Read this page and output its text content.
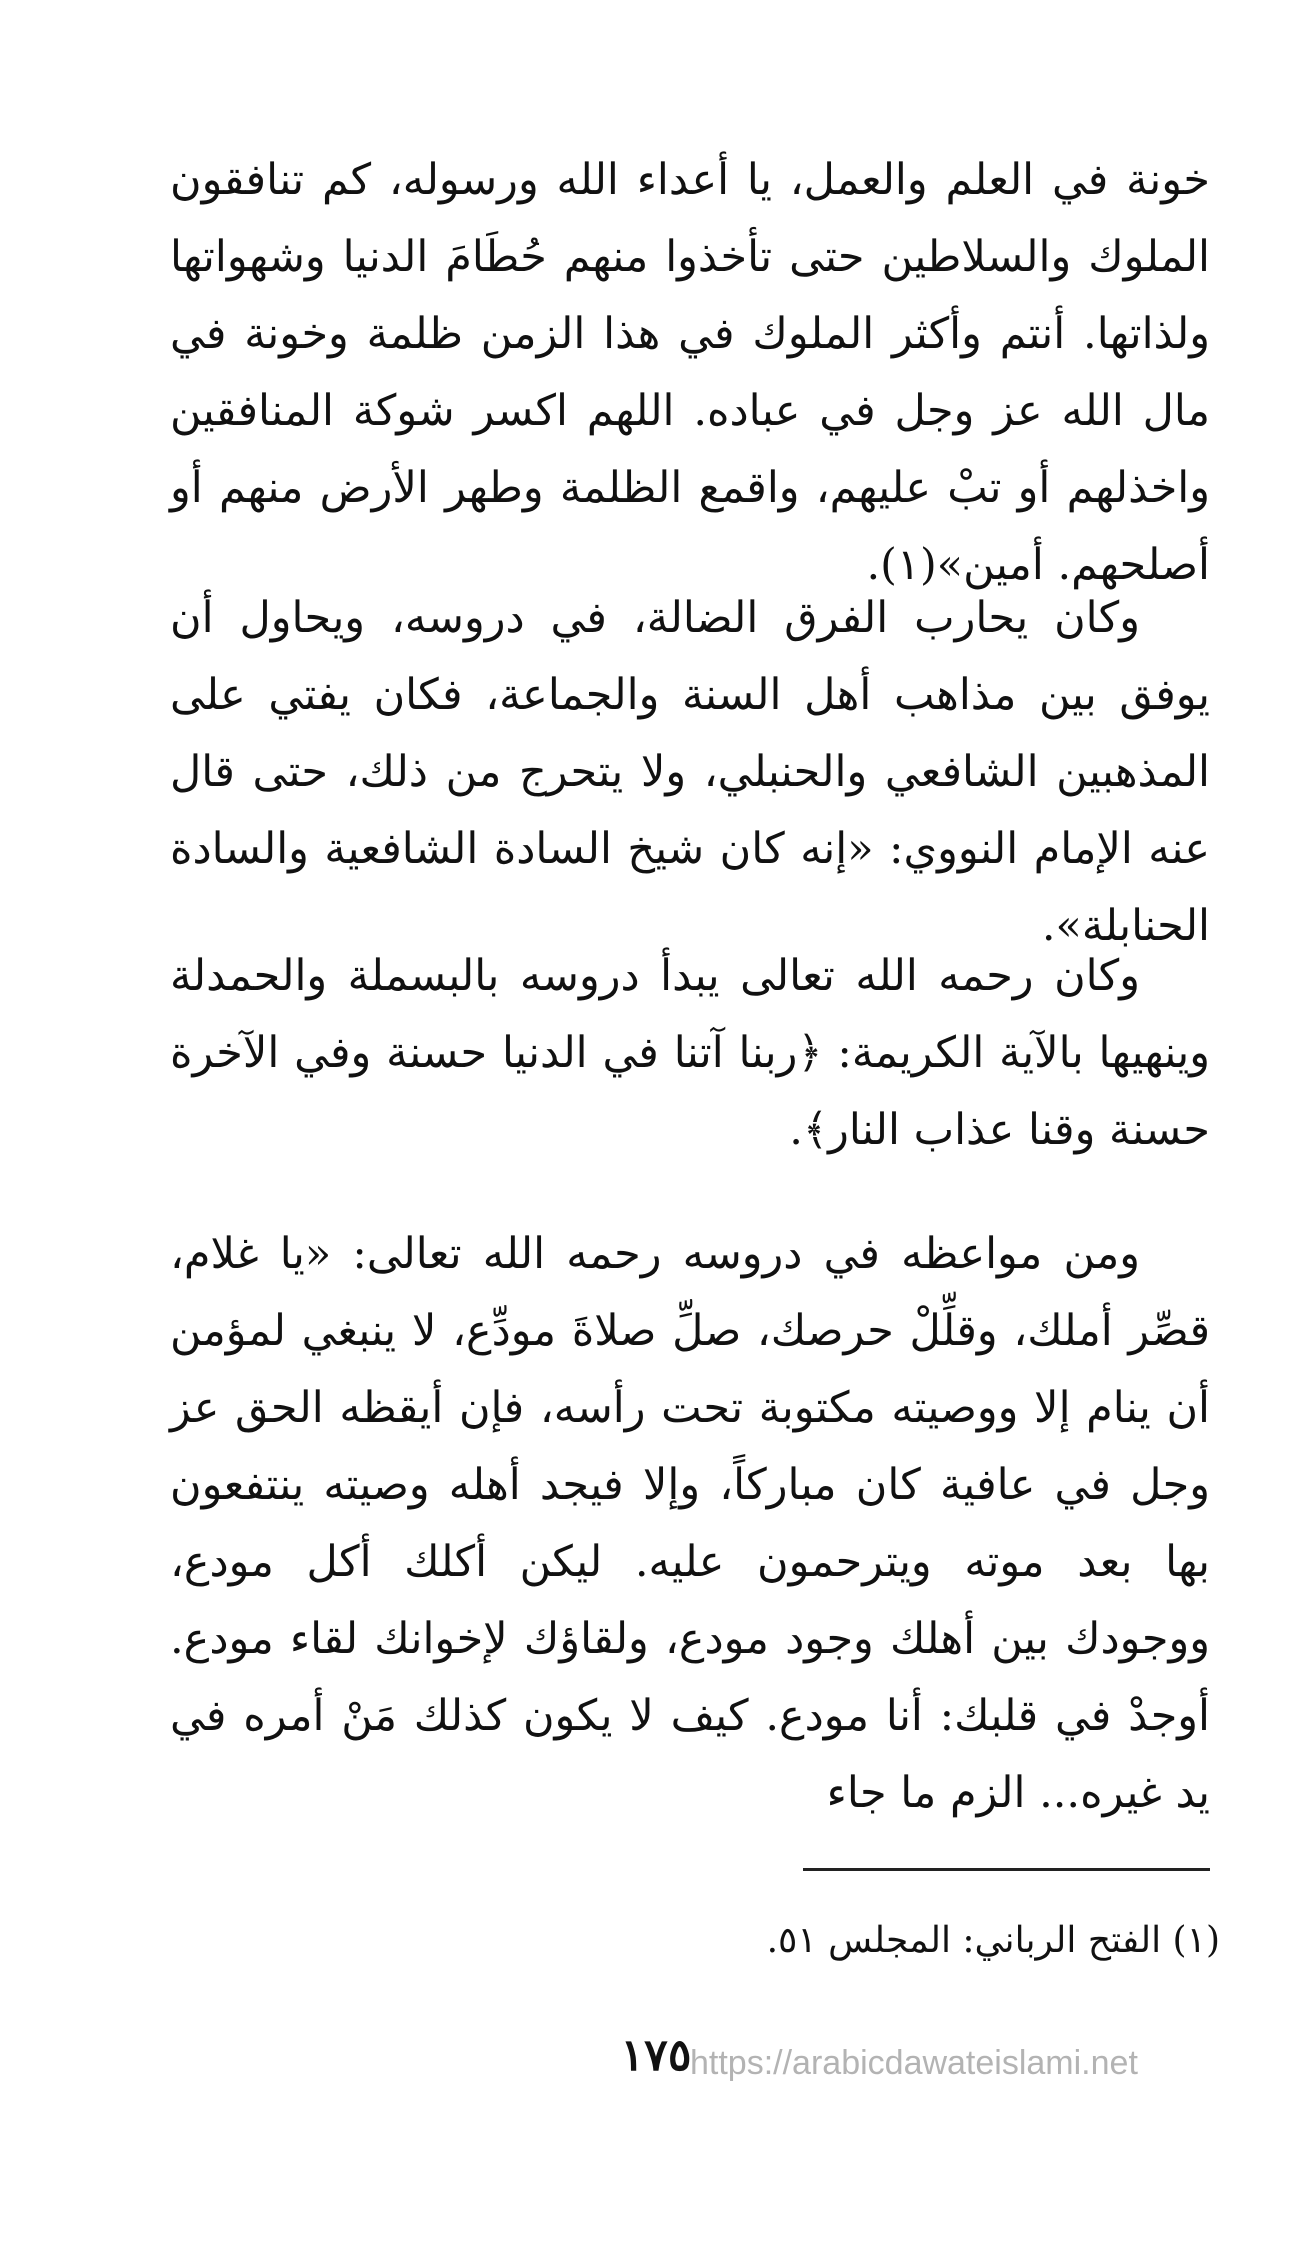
خونة في العلم والعمل، يا أعداء الله ورسوله، كم تنافقون الملوك والسلاطين حتى تأخذوا منهم حُطَامَ الدنيا وشهواتها ولذاتها. أنتم وأكثر الملوك في هذا الزمن ظلمة وخونة في مال الله عز وجل في عباده. اللهم اكسر شوكة المنافقين واخذلهم أو تبْ عليهم، واقمع الظلمة وطهر الأرض منهم أو أصلحهم. أمين»(١).

وكان يحارب الفرق الضالة، في دروسه، ويحاول أن يوفق بين مذاهب أهل السنة والجماعة، فكان يفتي على المذهبين الشافعي والحنبلي، ولا يتحرج من ذلك، حتى قال عنه الإمام النووي: «إنه كان شيخ السادة الشافعية والسادة الحنابلة».

وكان رحمه الله تعالى يبدأ دروسه بالبسملة والحمدلة وينهيها بالآية الكريمة: ﴿ربنا آتنا في الدنيا حسنة وفي الآخرة حسنة وقنا عذاب النار﴾.

ومن مواعظه في دروسه رحمه الله تعالى: «يا غلام، قصِّر أملك، وقلِّلْ حرصك، صلِّ صلاةَ مودِّع، لا ينبغي لمؤمن أن ينام إلا ووصيته مكتوبة تحت رأسه، فإن أيقظه الحق عز وجل في عافية كان مباركاً، وإلا فيجد أهله وصيته ينتفعون بها بعد موته ويترحمون عليه. ليكن أكلك أكل مودع، ووجودك بين أهلك وجود مودع، ولقاؤك لإخوانك لقاء مودع. أوجدْ في قلبك: أنا مودع. كيف لا يكون كذلك مَنْ أمره في يد غيره... الزم ما جاء

(١) الفتح الرباني: المجلس ٥١.

١٧٥

https://arabicdawateislami.net
